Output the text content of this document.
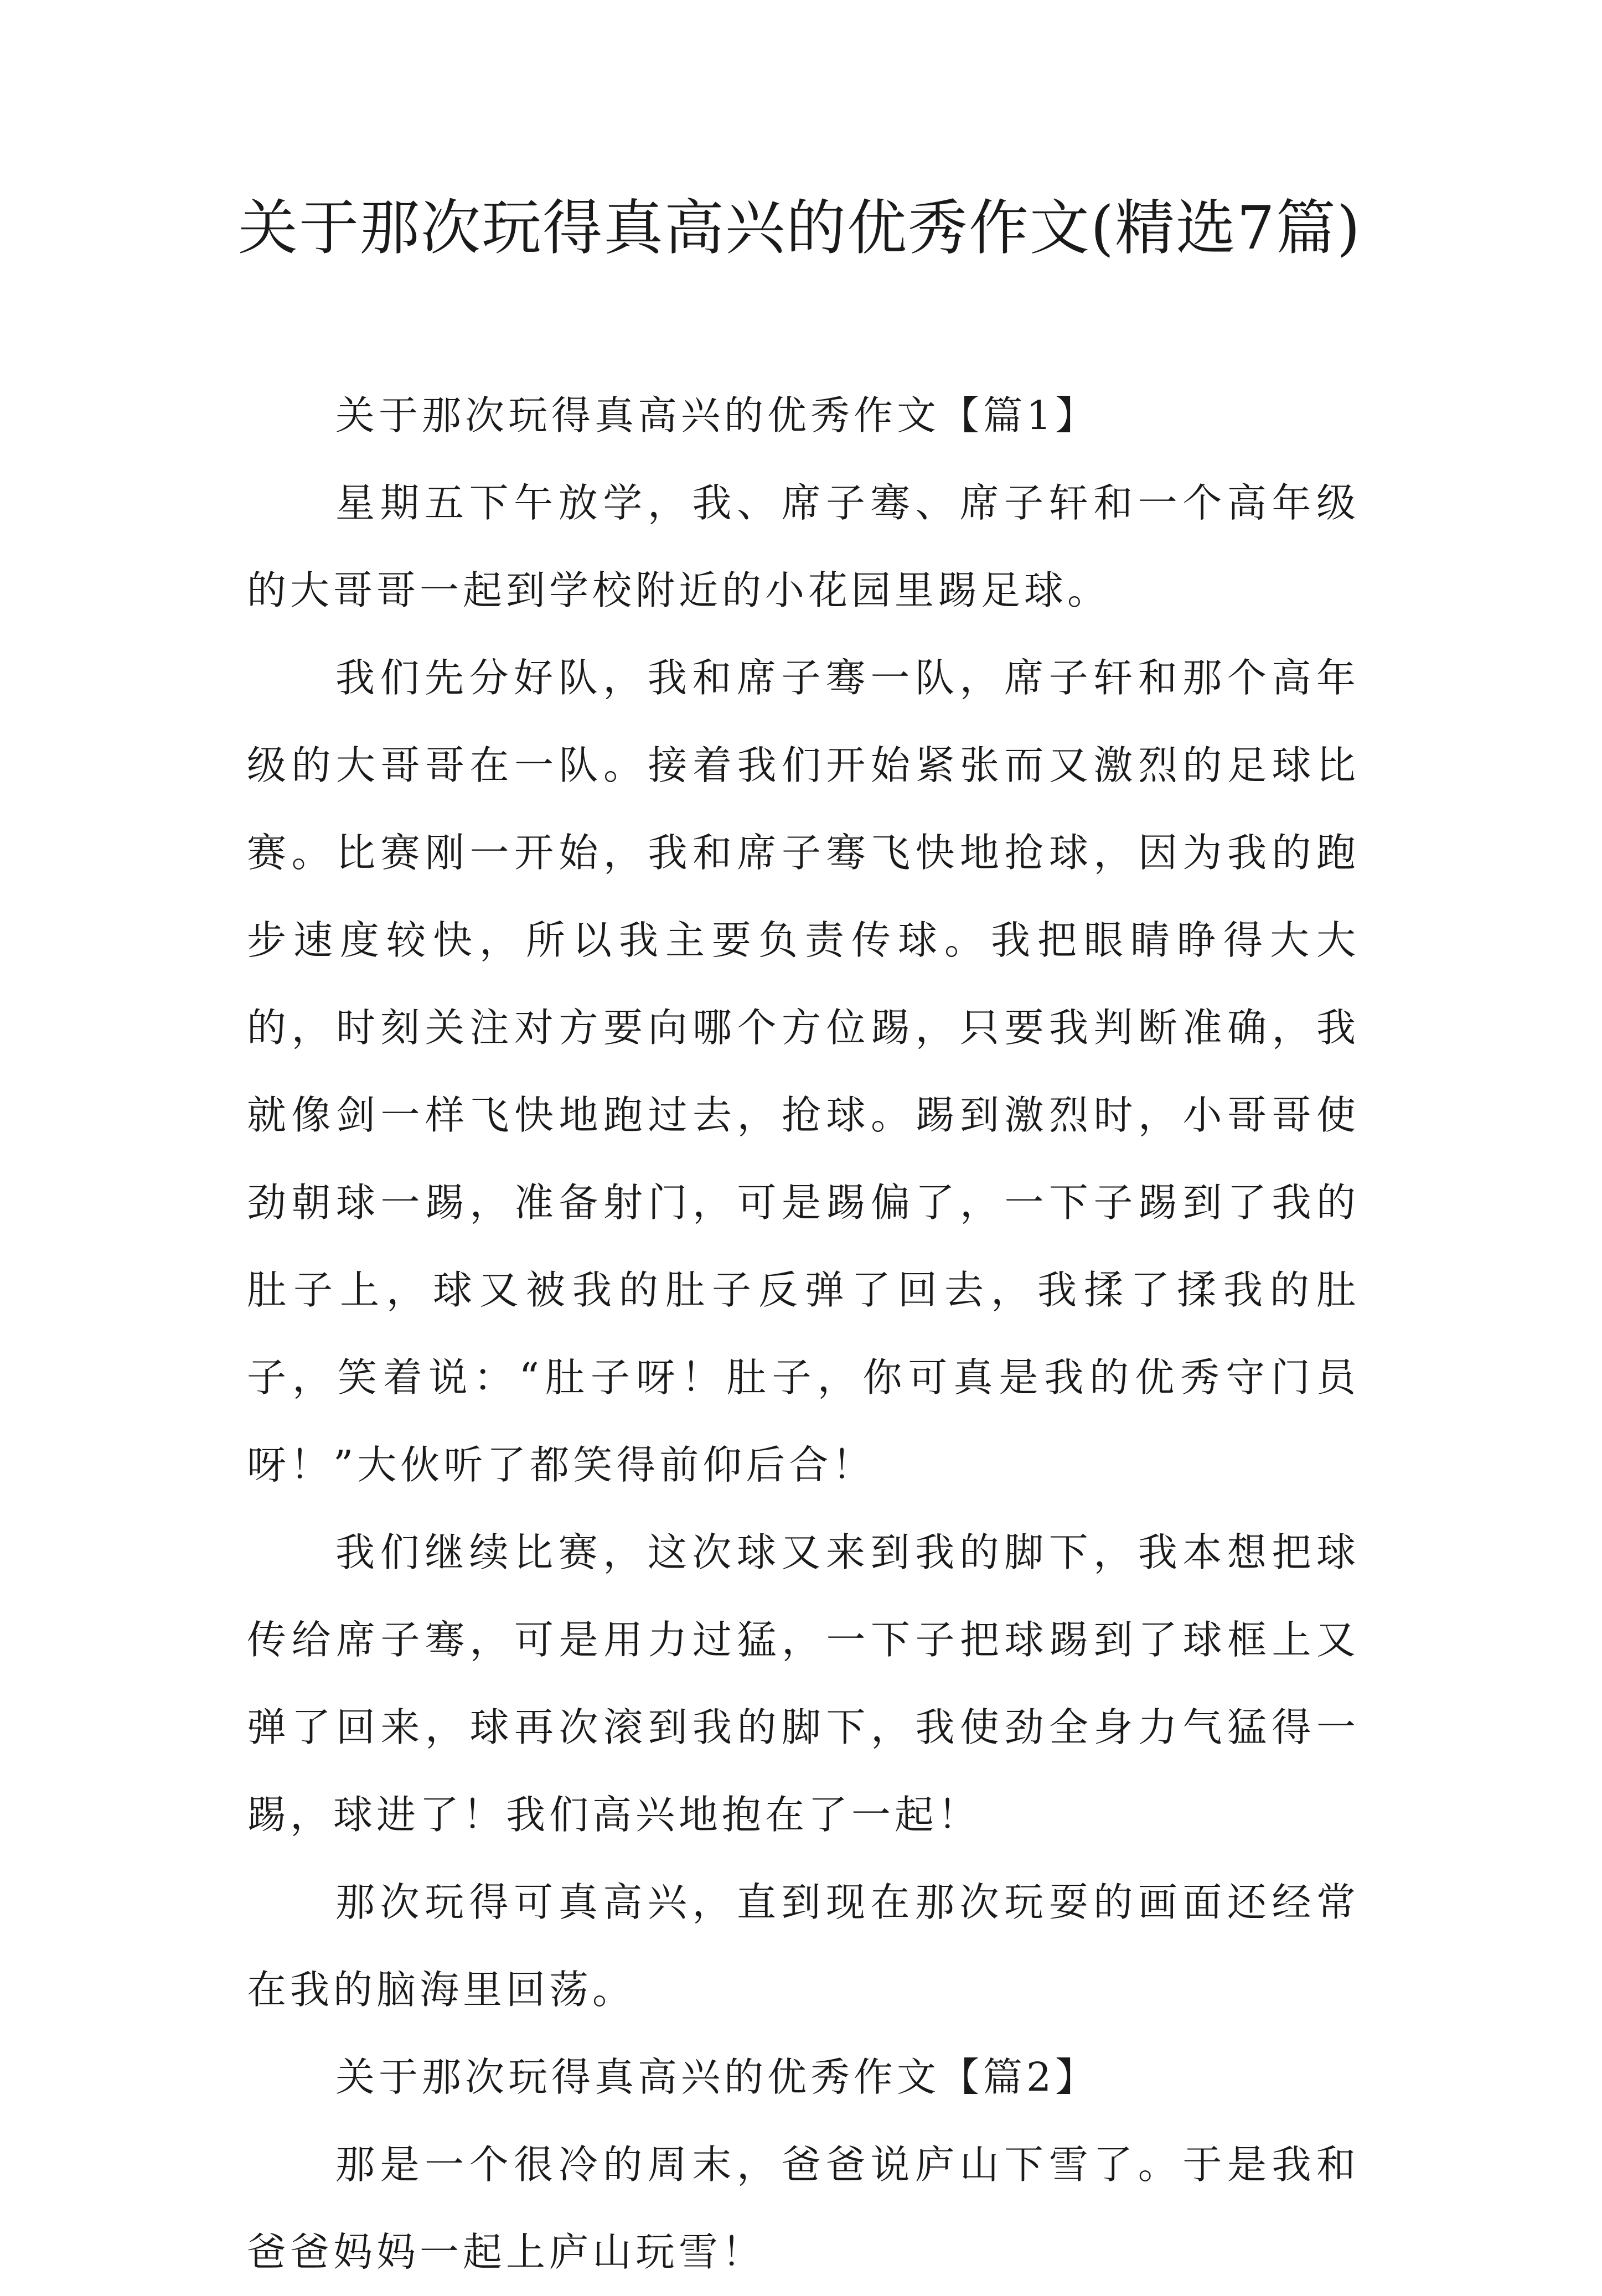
关于那次玩得真高兴的优秀作文(精选7篇)

关于那次玩得真高兴的优秀作文【篇1】

星期五下午放学，我、席子骞、席子轩和一个高年级的大哥哥一起到学校附近的小花园里踢足球。

我们先分好队，我和席子骞一队，席子轩和那个高年级的大哥哥在一队。接着我们开始紧张而又激烈的足球比赛。比赛刚一开始，我和席子骞飞快地抢球，因为我的跑步速度较快，所以我主要负责传球。我把眼睛睁得大大的，时刻关注对方要向哪个方位踢，只要我判断准确，我就像剑一样飞快地跑过去，抢球。踢到激烈时，小哥哥使劲朝球一踢，准备射门，可是踢偏了，一下子踢到了我的肚子上，球又被我的肚子反弹了回去，我揉了揉我的肚子，笑着说：“肚子呀！肚子，你可真是我的优秀守门员呀！”大伙听了都笑得前仰后合！

我们继续比赛，这次球又来到我的脚下，我本想把球传给席子骞，可是用力过猛，一下子把球踢到了球框上又弹了回来，球再次滚到我的脚下，我使劲全身力气猛得一踢，球进了！我们高兴地抱在了一起！

那次玩得可真高兴，直到现在那次玩耍的画面还经常在我的脑海里回荡。

关于那次玩得真高兴的优秀作文【篇2】

那是一个很冷的周末，爸爸说庐山下雪了。于是我和爸爸妈妈一起上庐山玩雪！
